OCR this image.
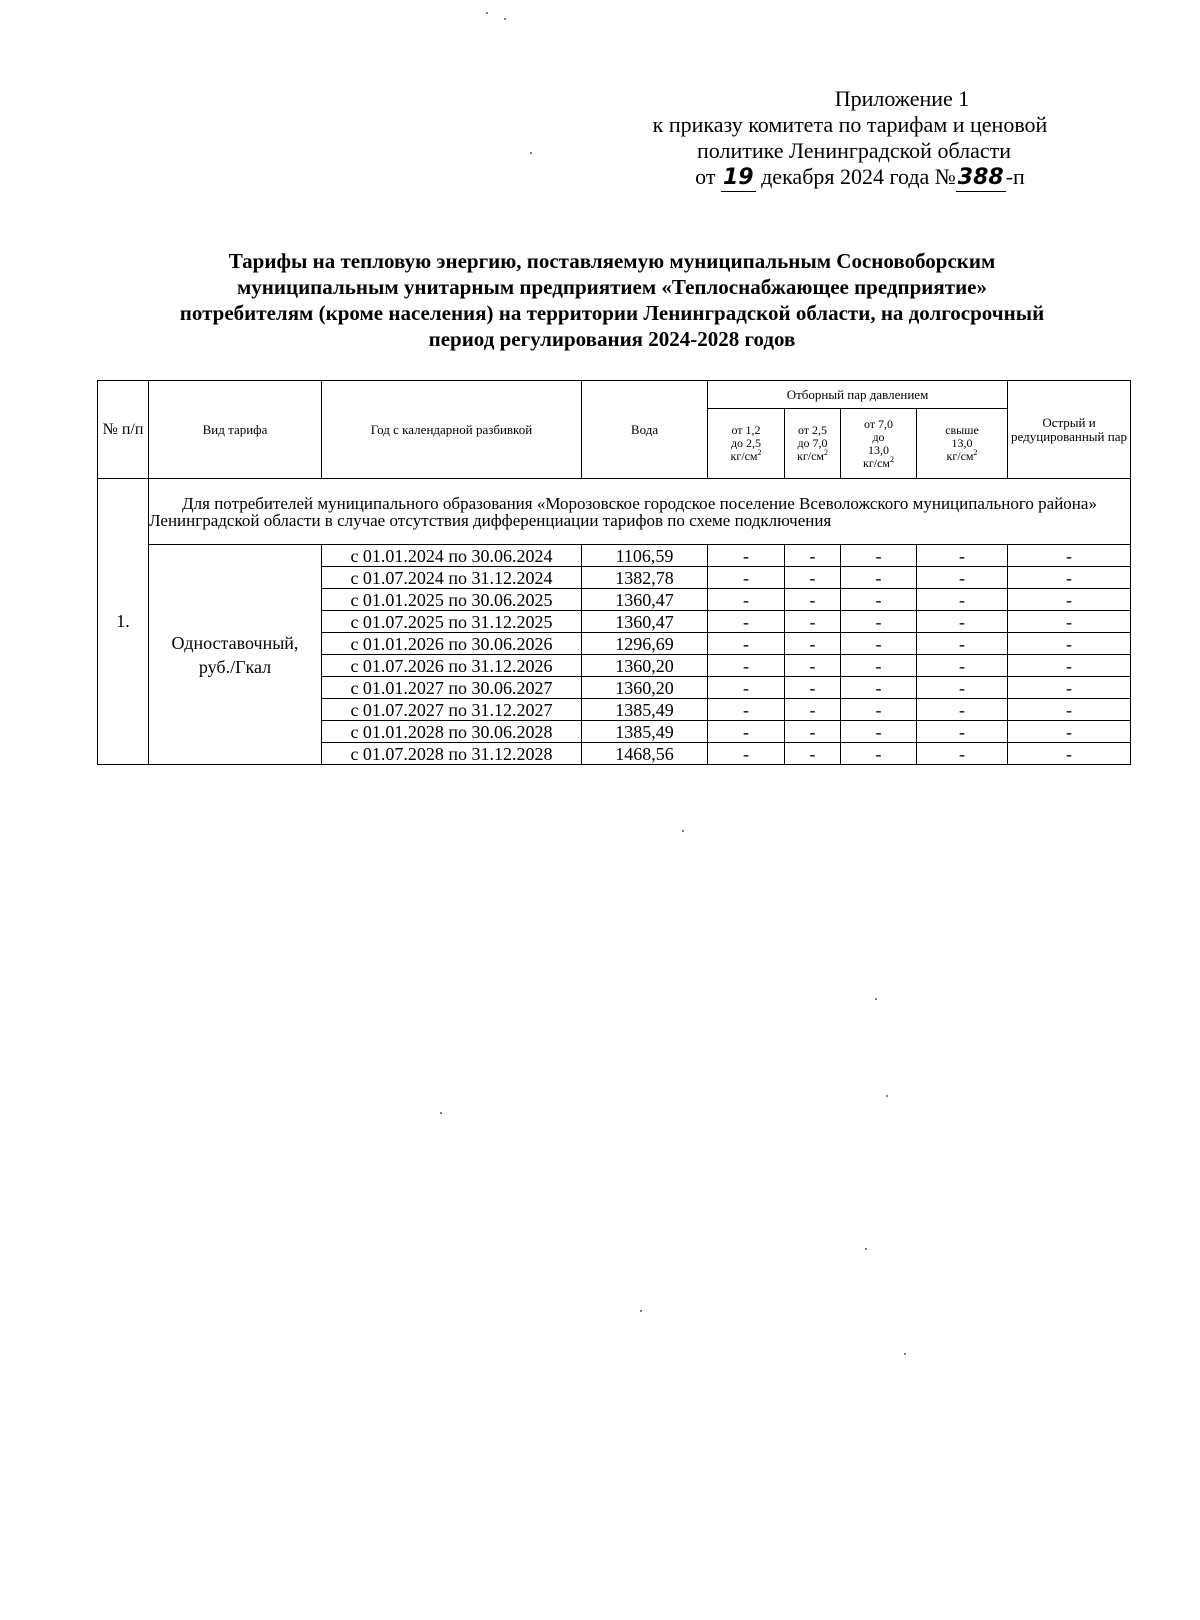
Приложение 1
к приказу комитета по тарифам и ценовой
политике Ленинградской области
от 19 декабря 2024 года №388-п
Тарифы на тепловую энергию, поставляемую муниципальным Сосновоборским
муниципальным унитарным предприятием «Теплоснабжающее предприятие»
потребителям (кроме населения) на территории Ленинградской области, на долгосрочный
период регулирования 2024-2028 годов
№ п/п	Вид тарифа	Год с календарной разбивкой	Вода	Отборный пар давлением				Острый и редуцированный пар
				от 1,2
до 2,5
$кг/см^2$	от 2,5
до 7,0
$кг/см^2$	от 7,0
до
13,0
$кг/см^2$	свыше
13,0
$кг/см^2$
1.	Для потребителей муниципального образования «Морозовское городское поселение Всеволожского муниципального района» Ленинградской области в случае отсутствия дифференциации тарифов по схеме подключения							
	Одноставочный,
руб./Гкал	с 01.01.2024 по 30.06.2024	1106,59	-	-	-	-	-
		с 01.07.2024 по 31.12.2024	1382,78	-	-	-	-	-
		с 01.01.2025 по 30.06.2025	1360,47	-	-	-	-	-
		с 01.07.2025 по 31.12.2025	1360,47	-	-	-	-	-
		с 01.01.2026 по 30.06.2026	1296,69	-	-	-	-	-
		с 01.07.2026 по 31.12.2026	1360,20	-	-	-	-	-
		с 01.01.2027 по 30.06.2027	1360,20	-	-	-	-	-
		с 01.07.2027 по 31.12.2027	1385,49	-	-	-	-	-
		с 01.01.2028 по 30.06.2028	1385,49	-	-	-	-	-
		с 01.07.2028 по 31.12.2028	1468,56	-	-	-	-	-
